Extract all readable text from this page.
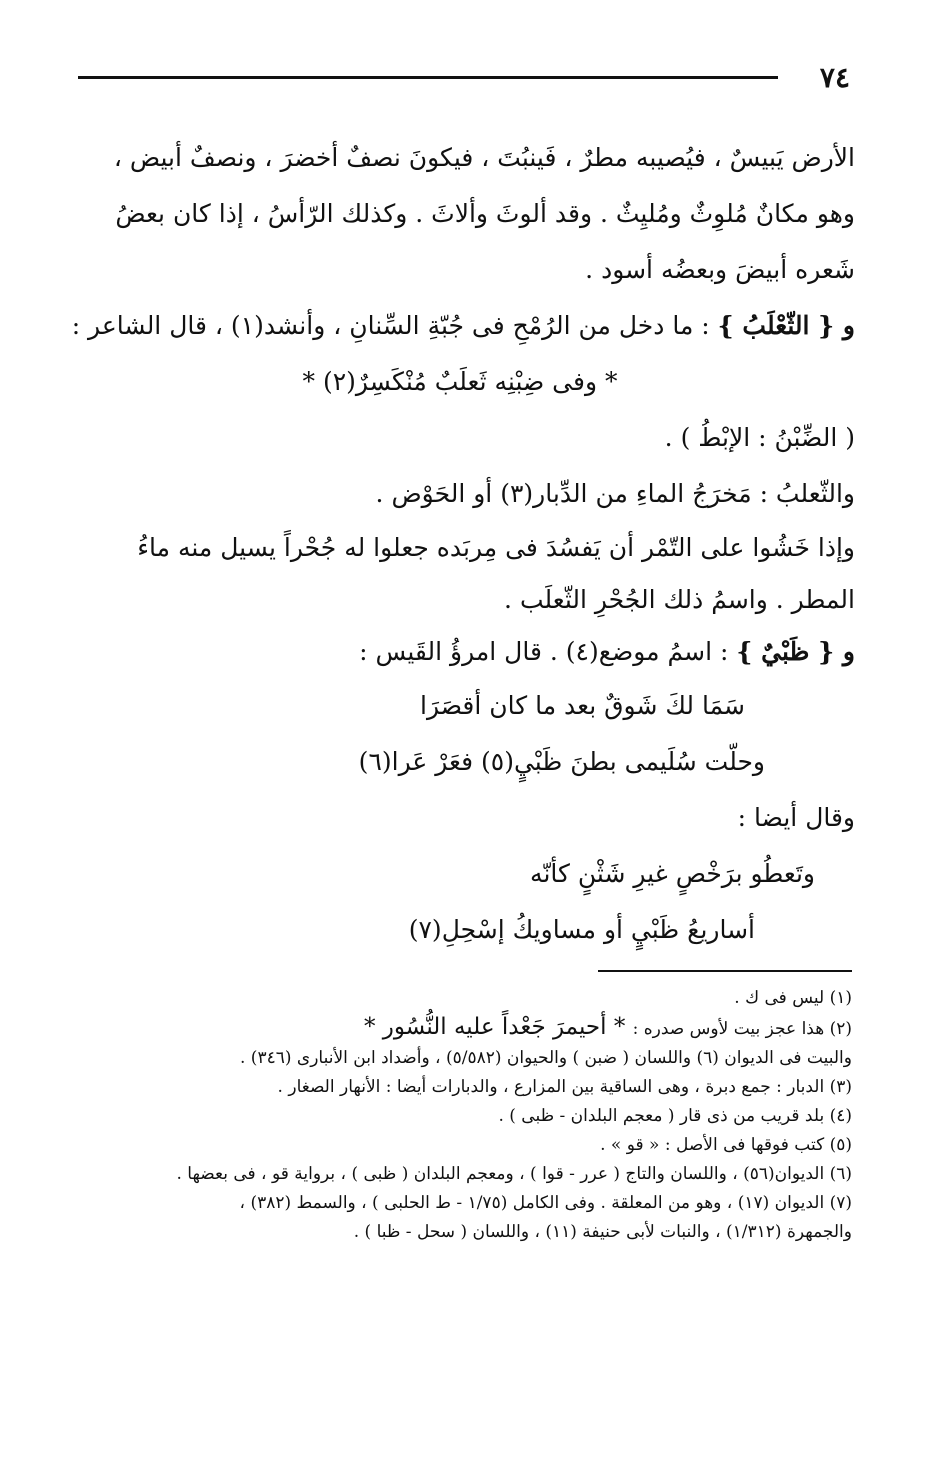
٧٤

الأرض يَبيسٌ ، فيُصيبه مطرٌ ، فَينبُتَ ، فيكونَ نصفٌ أخضرَ ، ونصفٌ أبيض ،

وهو مكانٌ مُلوِثٌ ومُليِثٌ . وقد ألوثَ وألاثَ . وكذلك الرّأسُ ، إذا كان بعضُ

شَعره أبيضَ وبعضُه أسود .

و { الثّعْلَبُ } : ما دخل من الرُمْحِ فى جُبّةِ السِّنانِ ، وأنشد(١) ، قال الشاعر :

* وفى ضِبْنِه ثَعلَبٌ مُنْكَسِرٌ(٢) *

( الضِّبْنُ : الإبْطُ ) .

والثّعلبُ : مَخرَجُ الماءِ من الدِّبار(٣) أو الحَوْض .

وإذا خَشُوا على التّمْر أن يَفسُدَ فى مِربَده جعلوا له جُحْراً يسيل منه ماءُ

المطر . واسمُ ذلك الجُحْرِ الثّعلَب .

و { ظَبْيٌ } : اسمُ موضع(٤) . قال امرؤُ القَيس :

سَمَا لكَ شَوقٌ بعد ما كان أقصَرَا

وحلّت سُلَيمى بطنَ ظَبْيٍ(٥) فعَرْ عَرا(٦)

وقال أيضا :

وتَعطُو برَخْصٍ غيرِ شَثْنٍ كأنّه

أساريعُ ظَبْيٍ أو مساويكُ إسْحِلِ(٧)

(١) ليس فى ك .

(٢) هذا عجز بيت لأوس صدره : * أحيمرَ جَعْداً عليه النُّسُور *

والبيت فى الديوان (٦) واللسان ( ضبن ) والحيوان (٥/٥٨٢) ، وأضداد ابن الأنبارى (٣٤٦) .

(٣) الدبار : جمع دبرة ، وهى الساقية بين المزارع ، والدبارات أيضا : الأنهار الصغار .

(٤) بلد قريب من ذى قار ( معجم البلدان - ظبى ) .

(٥) كتب فوقها فى الأصل : « قو » .

(٦) الديوان(٥٦) ، واللسان والتاج ( عرر - قوا ) ، ومعجم البلدان ( ظبى ) ، برواية قو ، فى بعضها .

(٧) الديوان (١٧) ، وهو من المعلقة . وفى الكامل (١/٧٥ - ط الحلبى ) ، والسمط (٣٨٢) ،

والجمهرة (١/٣١٢) ، والنبات لأبى حنيفة (١١) ، واللسان ( سحل - ظبا ) .
